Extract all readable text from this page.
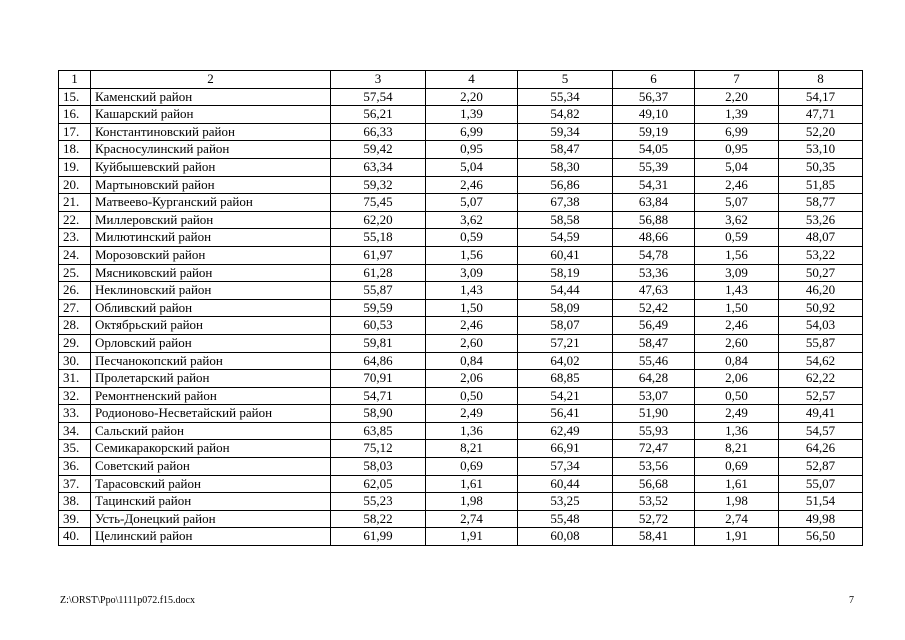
1	2	3	4	5	6	7	8
15.	Каменский район	57,54	2,20	55,34	56,37	2,20	54,17
16.	Кашарский район	56,21	1,39	54,82	49,10	1,39	47,71
17.	Константиновский район	66,33	6,99	59,34	59,19	6,99	52,20
18.	Красносулинский район	59,42	0,95	58,47	54,05	0,95	53,10
19.	Куйбышевский район	63,34	5,04	58,30	55,39	5,04	50,35
20.	Мартыновский район	59,32	2,46	56,86	54,31	2,46	51,85
21.	Матвеево-Курганский район	75,45	5,07	67,38	63,84	5,07	58,77
22.	Миллеровский район	62,20	3,62	58,58	56,88	3,62	53,26
23.	Милютинский район	55,18	0,59	54,59	48,66	0,59	48,07
24.	Морозовский район	61,97	1,56	60,41	54,78	1,56	53,22
25.	Мясниковский район	61,28	3,09	58,19	53,36	3,09	50,27
26.	Неклиновский район	55,87	1,43	54,44	47,63	1,43	46,20
27.	Обливский район	59,59	1,50	58,09	52,42	1,50	50,92
28.	Октябрьский район	60,53	2,46	58,07	56,49	2,46	54,03
29.	Орловский район	59,81	2,60	57,21	58,47	2,60	55,87
30.	Песчанокопский район	64,86	0,84	64,02	55,46	0,84	54,62
31.	Пролетарский район	70,91	2,06	68,85	64,28	2,06	62,22
32.	Ремонтненский район	54,71	0,50	54,21	53,07	0,50	52,57
33.	Родионово-Несветайский район	58,90	2,49	56,41	51,90	2,49	49,41
34.	Сальский район	63,85	1,36	62,49	55,93	1,36	54,57
35.	Семикаракорский район	75,12	8,21	66,91	72,47	8,21	64,26
36.	Советский район	58,03	0,69	57,34	53,56	0,69	52,87
37.	Тарасовский район	62,05	1,61	60,44	56,68	1,61	55,07
38.	Тацинский район	55,23	1,98	53,25	53,52	1,98	51,54
39.	Усть-Донецкий район	58,22	2,74	55,48	52,72	2,74	49,98
40.	Целинский район	61,99	1,91	60,08	58,41	1,91	56,50
Z:\ORST\Ppo\1111p072.f15.docx	7
